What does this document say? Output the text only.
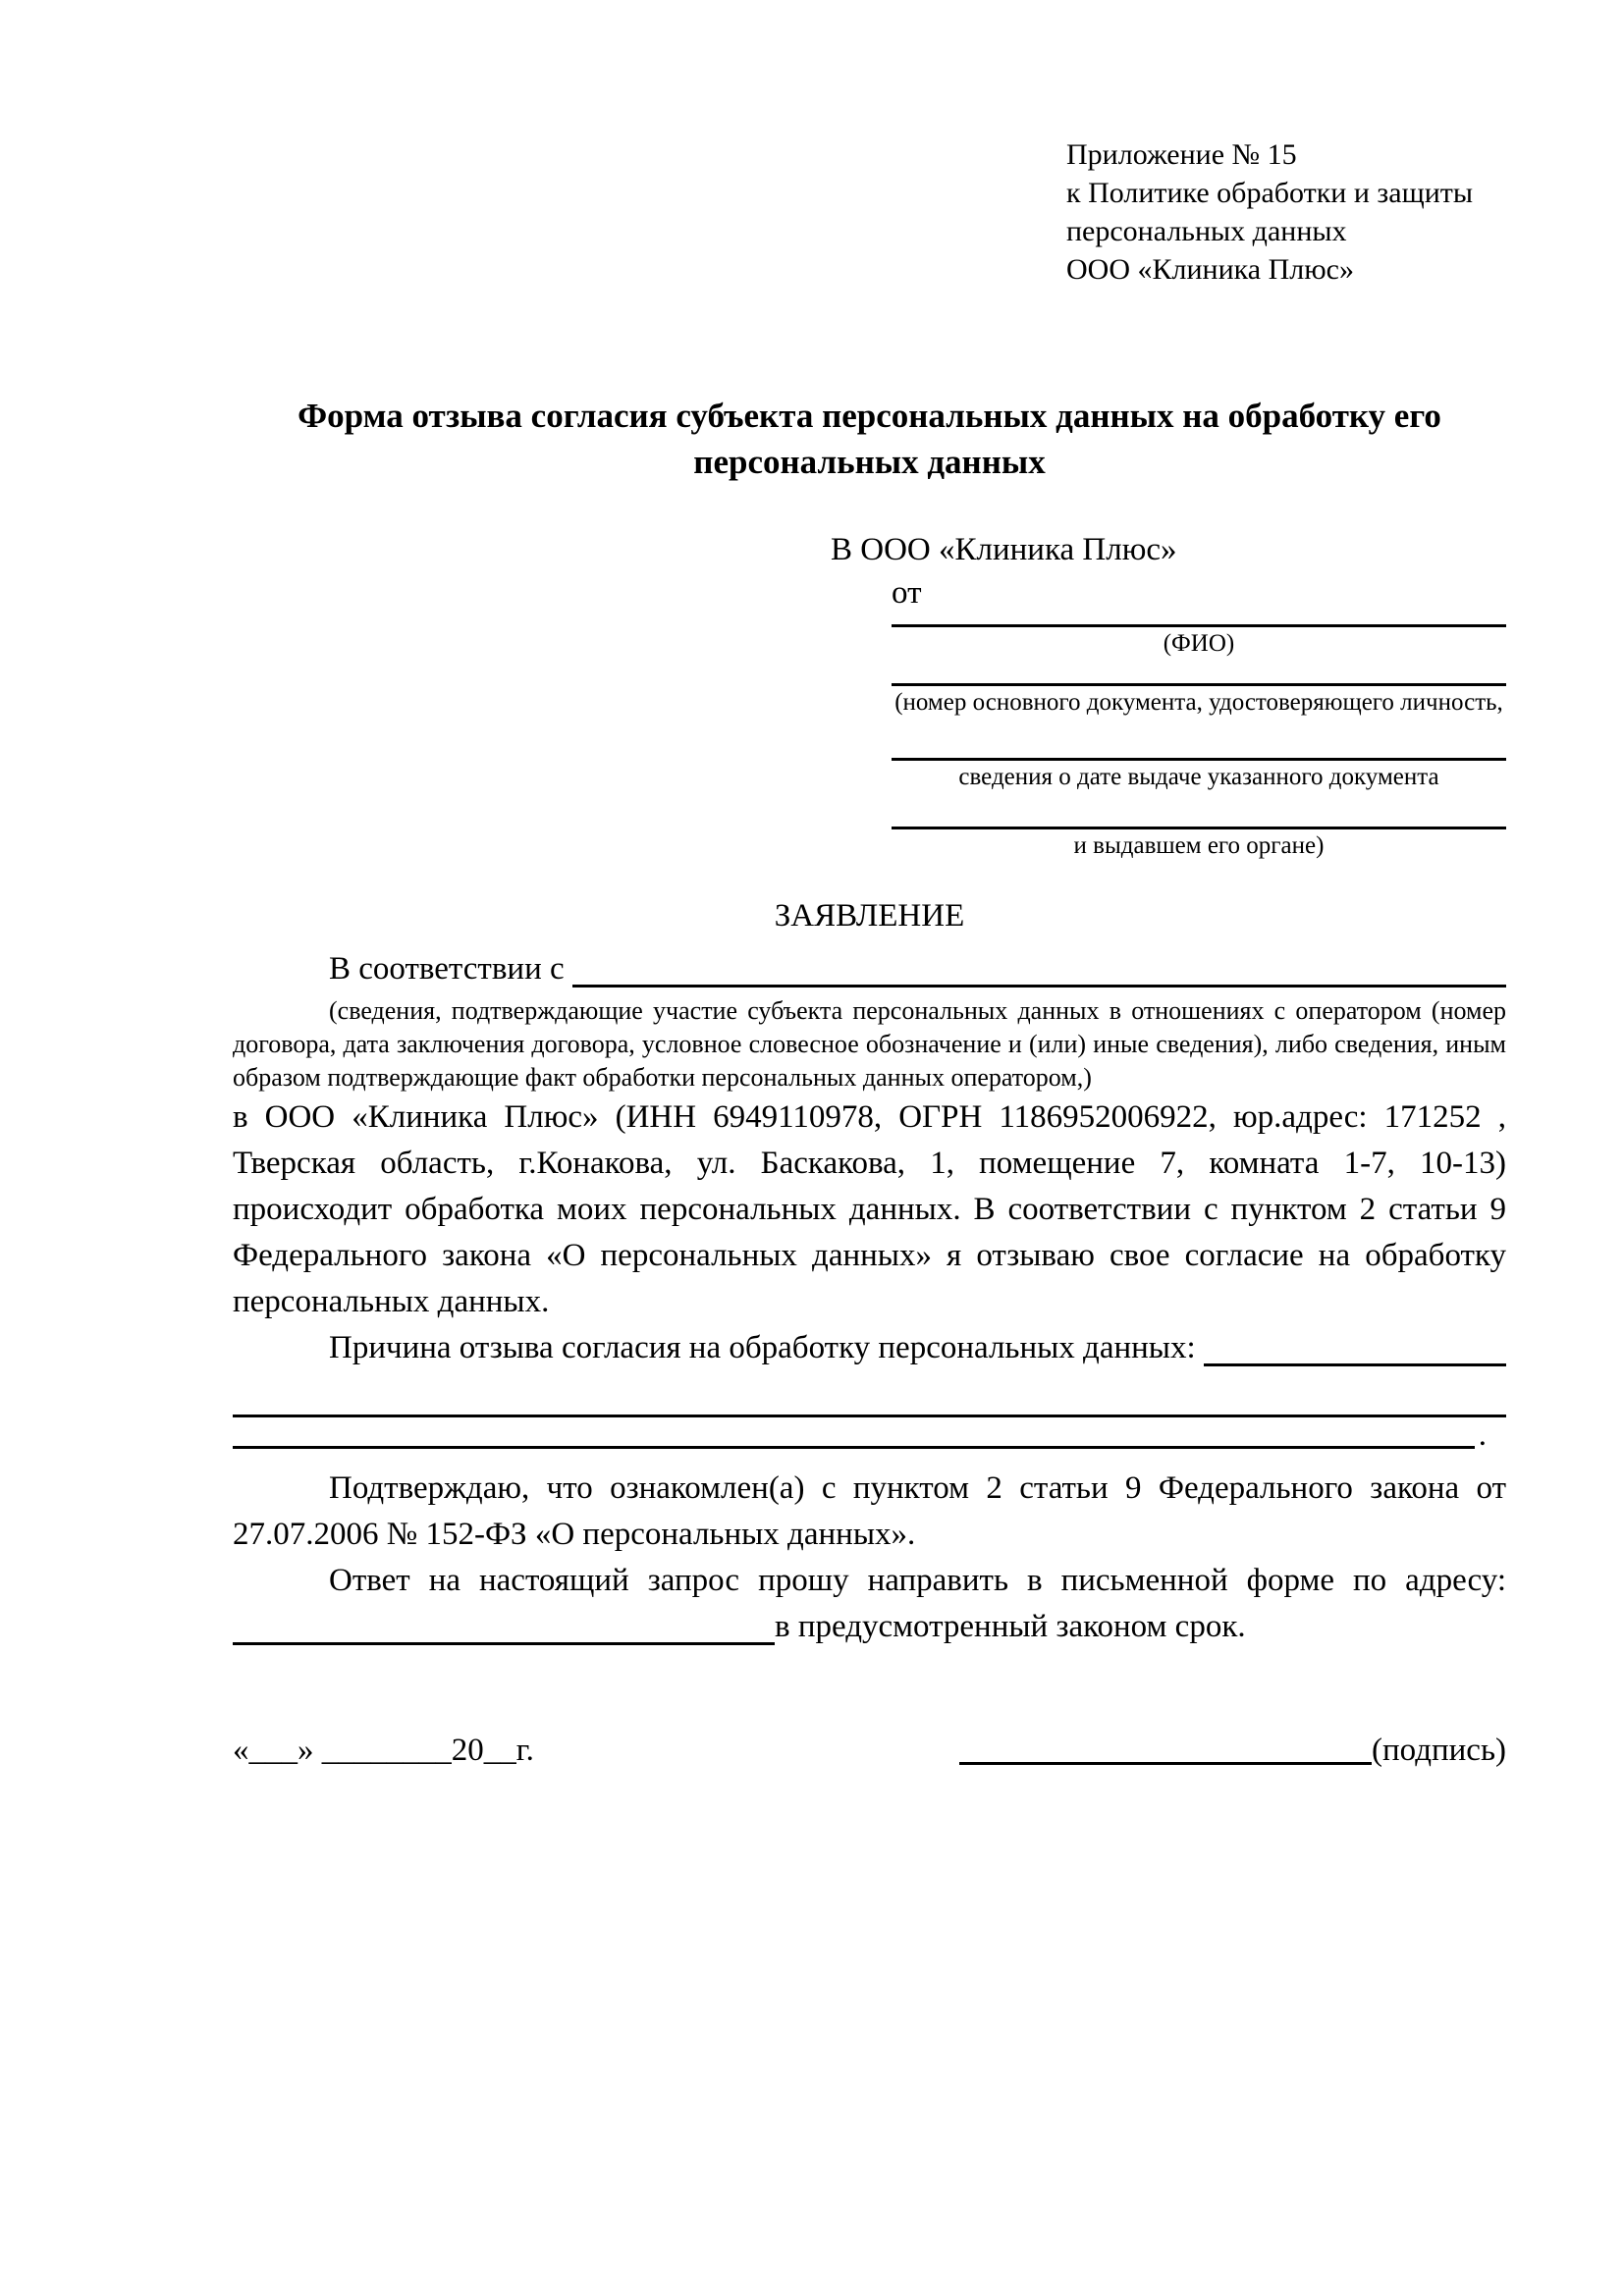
Приложение № 15
к Политике обработки и защиты
персональных данных
ООО «Клиника Плюс»
Форма отзыва согласия субъекта персональных данных на обработку его персональных данных
В ООО «Клиника Плюс»
от
(ФИО)
(номер основного документа, удостоверяющего личность,
сведения о дате выдаче указанного документа
и выдавшем его органе)
ЗАЯВЛЕНИЕ
В соответствии с
(сведения, подтверждающие участие субъекта персональных данных в отношениях с оператором (номер договора, дата заключения договора, условное словесное обозначение и (или) иные сведения), либо сведения, иным образом подтверждающие факт обработки персональных данных оператором,)
в ООО «Клиника Плюс» (ИНН 6949110978, ОГРН 1186952006922, юр.адрес: 171252 , Тверская область, г.Конакова, ул. Баскакова, 1, помещение 7, комната 1-7, 10-13) происходит обработка моих персональных данных. В соответствии с пунктом 2 статьи 9 Федерального закона «О персональных данных» я отзываю свое согласие на обработку персональных данных.
Причина отзыва согласия на обработку персональных данных:
.
Подтверждаю, что ознакомлен(а) с пунктом 2 статьи 9 Федерального закона от 27.07.2006 № 152-ФЗ «О персональных данных».
Ответ на настоящий запрос прошу направить в письменной форме по адресу:
в предусмотренный законом срок.
«___» ________20__г.	(подпись)
